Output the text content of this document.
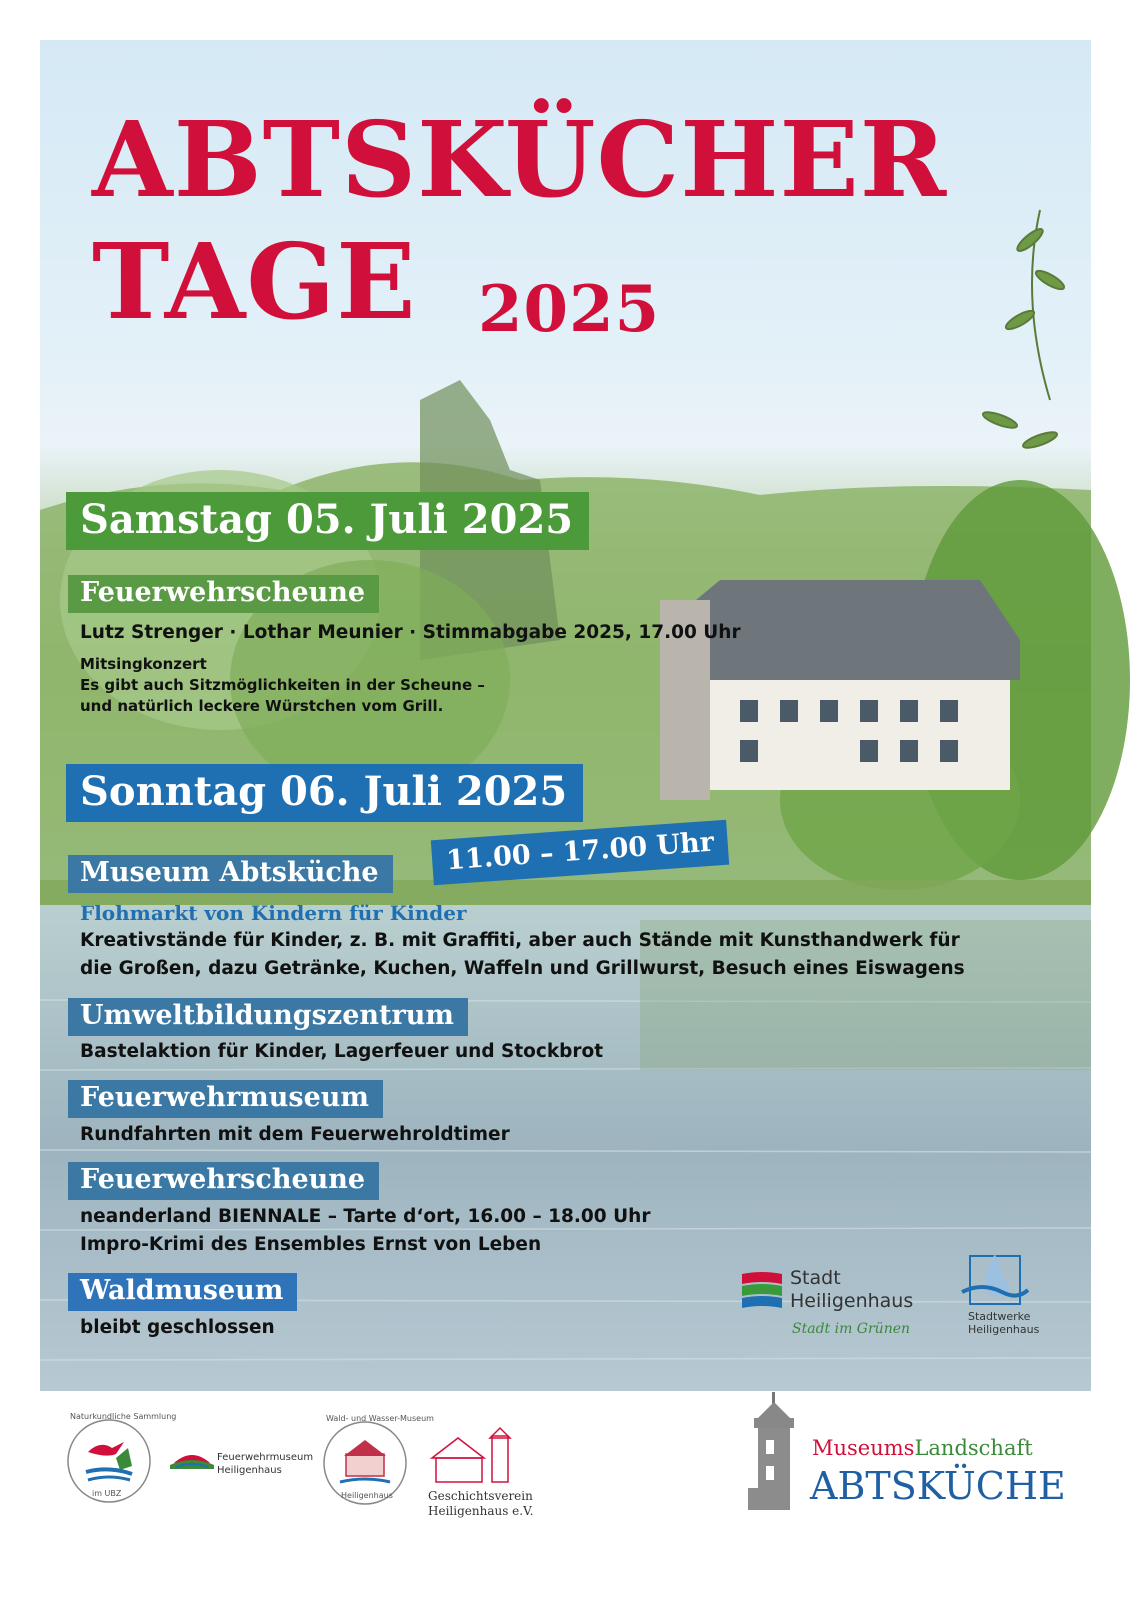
ABTSKÜCHER
TAGE 2025
Samstag 05. Juli 2025
Feuerwehrscheune
Lutz Strenger · Lothar Meunier · Stimmabgabe 2025, 17.00 Uhr
Mitsingkonzert
Es gibt auch Sitzmöglichkeiten in der Scheune –
und natürlich leckere Würstchen vom Grill.
Sonntag 06. Juli 2025
11.00 – 17.00 Uhr
Museum Abtsküche
Flohmarkt von Kindern für Kinder
Kreativstände für Kinder, z. B. mit Graffiti, aber auch Stände mit Kunsthandwerk für
die Großen, dazu Getränke, Kuchen, Waffeln und Grillwurst, Besuch eines Eiswagens
Umweltbildungszentrum
Bastelaktion für Kinder, Lagerfeuer und Stockbrot
Feuerwehrmuseum
Rundfahrten mit dem Feuerwehroldtimer
Feuerwehrscheune
neanderland BIENNALE – Tarte d‘ort, 16.00 – 18.00 Uhr
Impro-Krimi des Ensembles Ernst von Leben
Waldmuseum
bleibt geschlossen
Stadt
Heiligenhaus
Stadt im Grünen
Stadtwerke
Heiligenhaus
Naturkundliche Sammlung
im UBZ
Feuerwehrmuseum
Heiligenhaus
Wald- und Wasser-Museum
Heiligenhaus	Geschichtsverein
Heiligenhaus e.V.
MuseumsLandschaft
ABTSKÜCHE
